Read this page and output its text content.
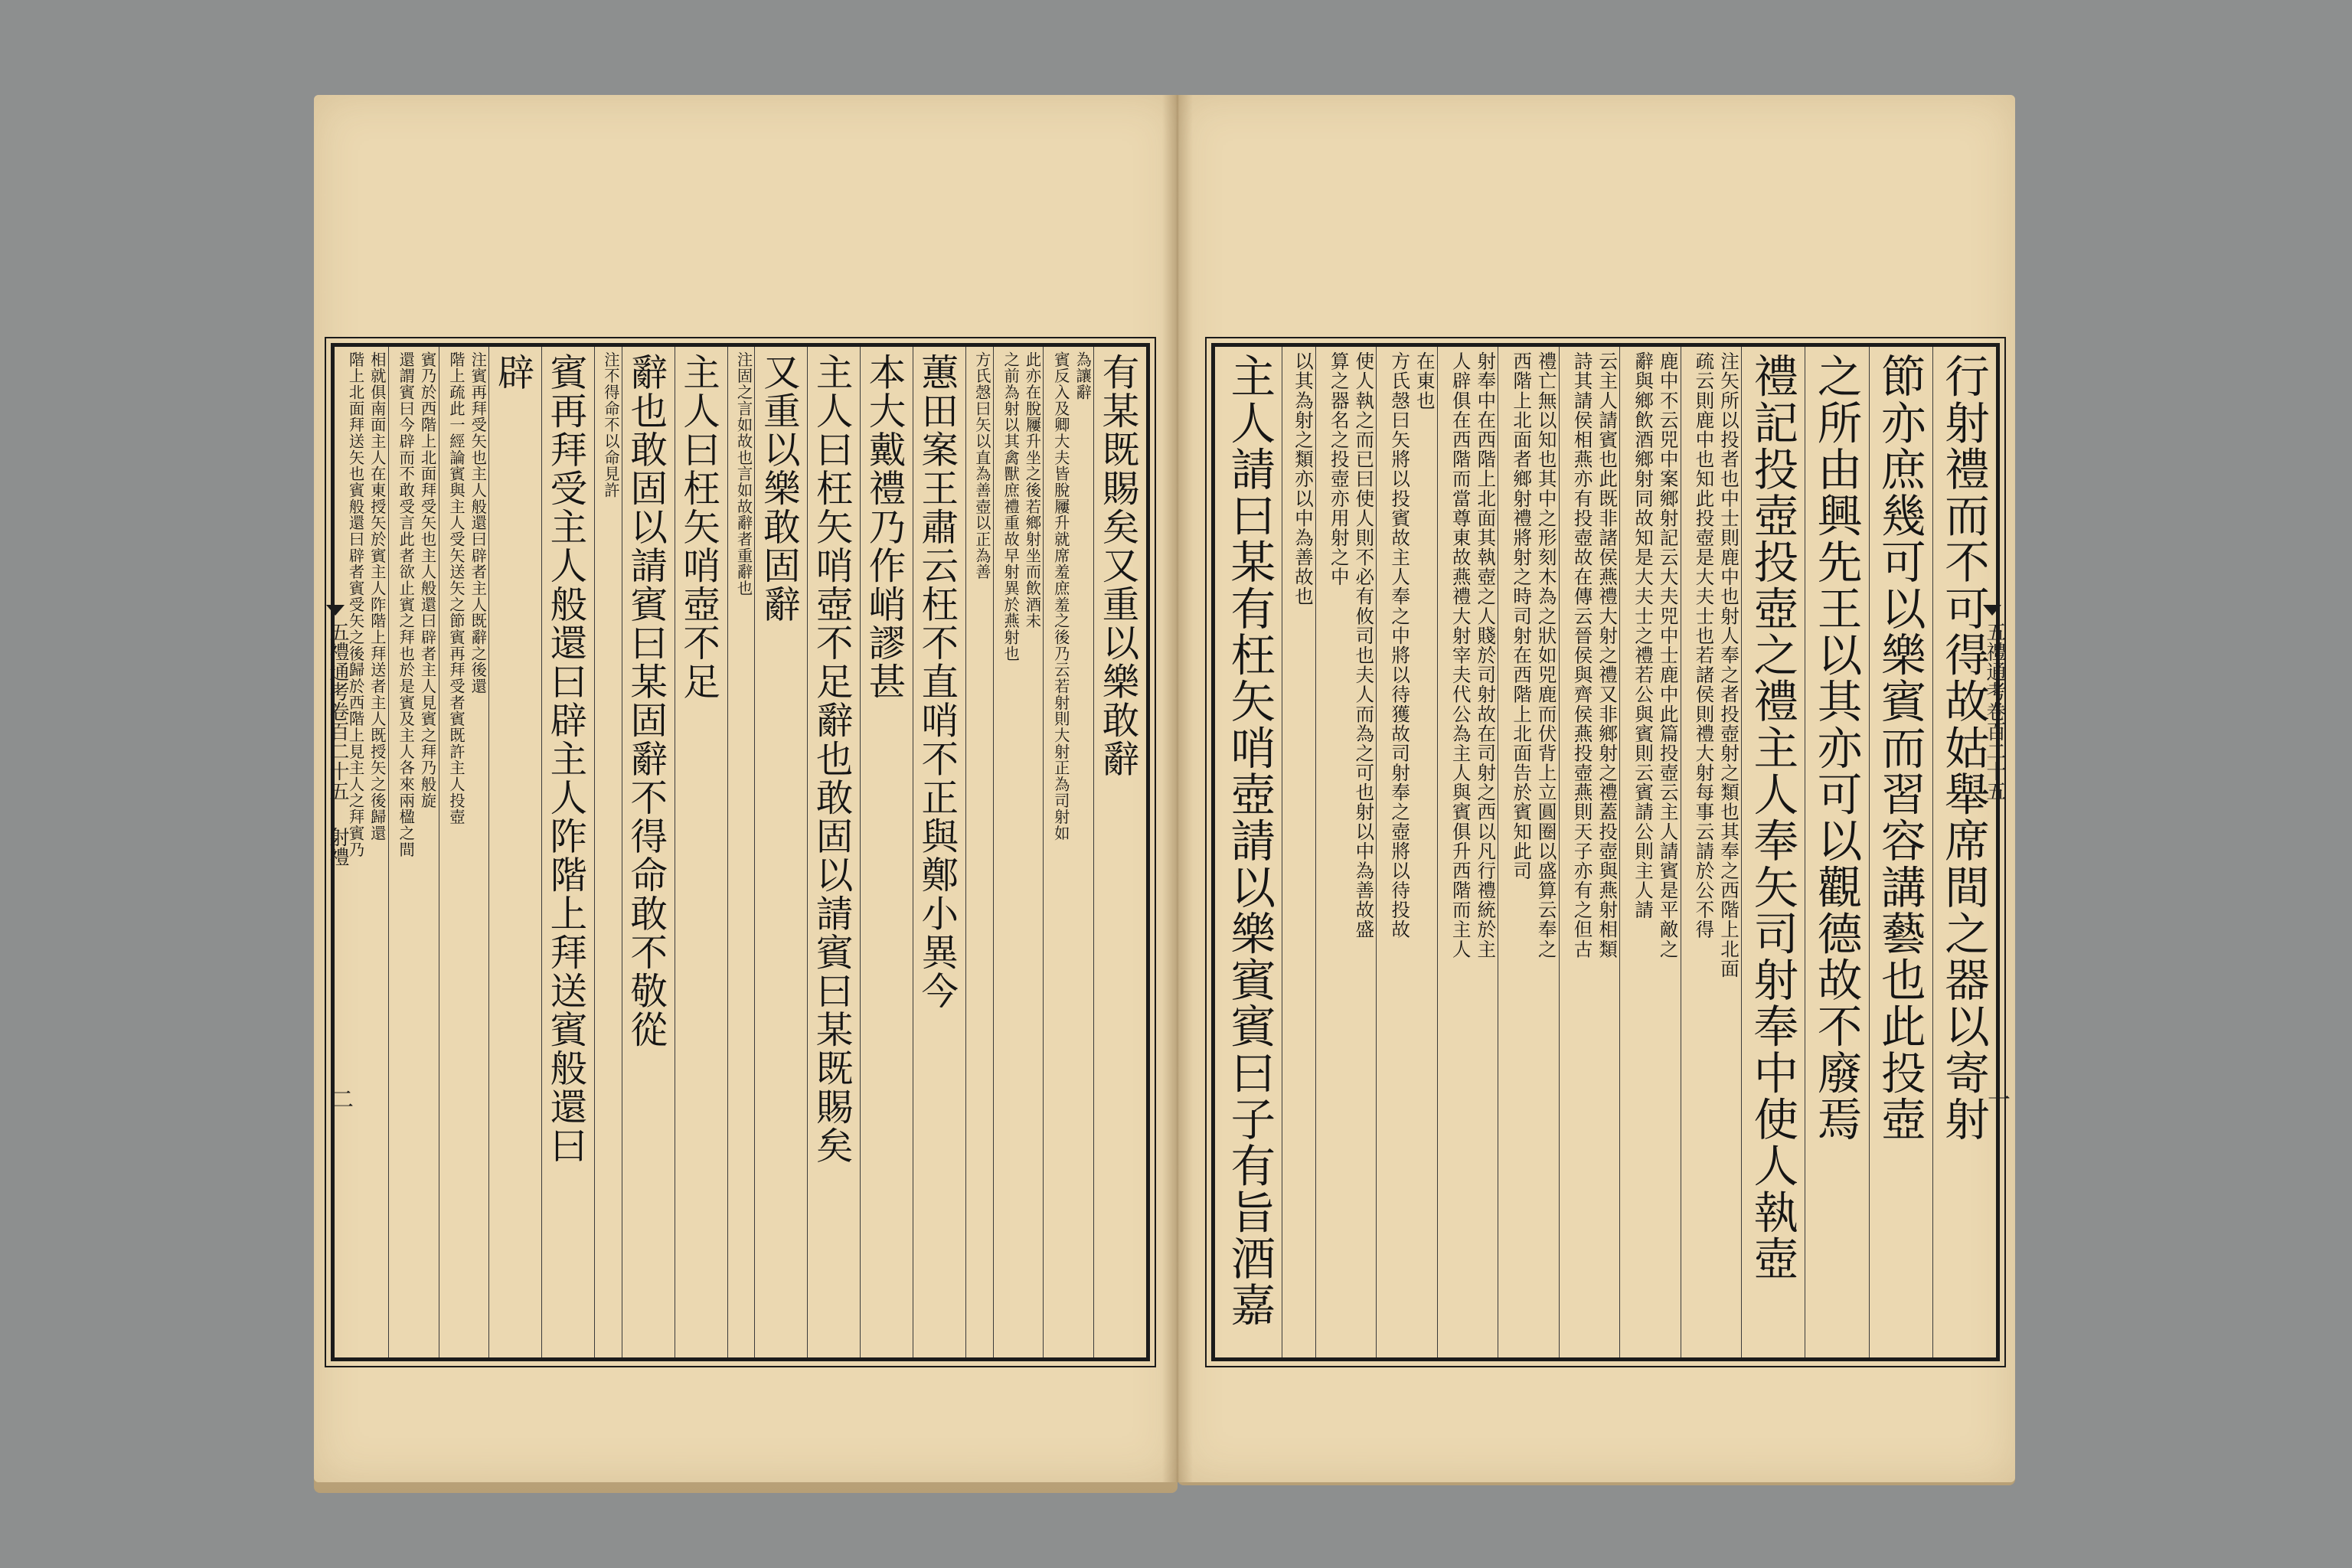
有某既賜矣又重以樂敢辭
為讓辭
賓反入及卿大夫皆脫屨升就席羞庶羞之後乃云若射則大射正為司射如
此亦在脫屨升坐之後若鄉射坐而飲酒未
之前為射以其禽獸庶禮重故早射異於燕射也
方氏愨曰矢以直為善壺以正為善
蕙田案王肅云枉不直哨不正與鄭小異今
本大戴禮乃作峭謬甚
主人曰枉矢哨壺不足辭也敢固以請賓曰某既賜矣
又重以樂敢固辭
注固之言如故也言如故辭者重辭也
主人曰枉矢哨壺不足
辭也敢固以請賓曰某固辭不得命敢不敬從
注不得命不以命見許
賓再拜受主人般還曰辟主人阼階上拜送賓般還曰
辟
注賓再拜受矢也主人般還曰辟者主人既辭之後還
階上疏此一經論賓與主人受矢送矢之節賓再拜受者賓既許主人投壺
賓乃於西階上北面拜受矢也主人般還曰辟者主人見賓之拜乃般旋
還謂賓曰今辟而不敢受言此者欲止賓之拜也於是賓及主人各來兩楹之間
相就俱南面主人在東授矢於賓主人阼階上拜送者主人既授矢之後歸還
階上北面拜送矢也賓般還曰辟者賓受矢之後歸於西階上見主人之拜賓乃
五禮通考卷百二十五
射禮
二	行射禮而不可得故姑舉席間之器以寄射
節亦庶幾可以樂賓而習容講藝也此投壺
之所由興先王以其亦可以觀德故不廢焉
禮記投壺投壺之禮主人奉矢司射奉中使人執壺
注矢所以投者也中士則鹿中也射人奉之者投壺射之類也其奉之西階上北面
疏云則鹿中也知此投壺是大夫士也若諸侯則禮大射每事云請於公不得
鹿中不云兕中案鄉射記云大夫兕中士鹿中此篇投壺云主人請賓是平敵之
辭與鄉飲酒鄉射同故知是大夫士之禮若公與賓則云賓請公則主人請
云主人請賓也此既非諸侯燕禮大射之禮又非鄉射之禮蓋投壺與燕射相類
詩其請侯相燕亦有投壺故在傳云晉侯與齊侯燕投壺燕則天子亦有之但古
禮亡無以知也其中之形刻木為之狀如兕鹿而伏背上立圓圈以盛算云奉之
西階上北面者鄉射禮將射之時司射在西階上北面告於賓知此司
射奉中在西階上北面其執壺之人賤於司射故在司射之西以凡行禮統於主
人辟俱在西階而當尊東故燕禮大射宰夫代公為主人與賓俱升西階而主人
在東也
方氏愨曰矢將以投賓故主人奉之中將以待獲故司射奉之壺將以待投故
使人執之而已曰使人則不必有攸司也夫人而為之可也射以中為善故盛
算之器名之投壺亦用射之中
以其為射之類亦以中為善故也
主人請曰某有枉矢哨壺請以樂賓賓曰子有旨酒嘉	五禮通考卷百二十五
一
